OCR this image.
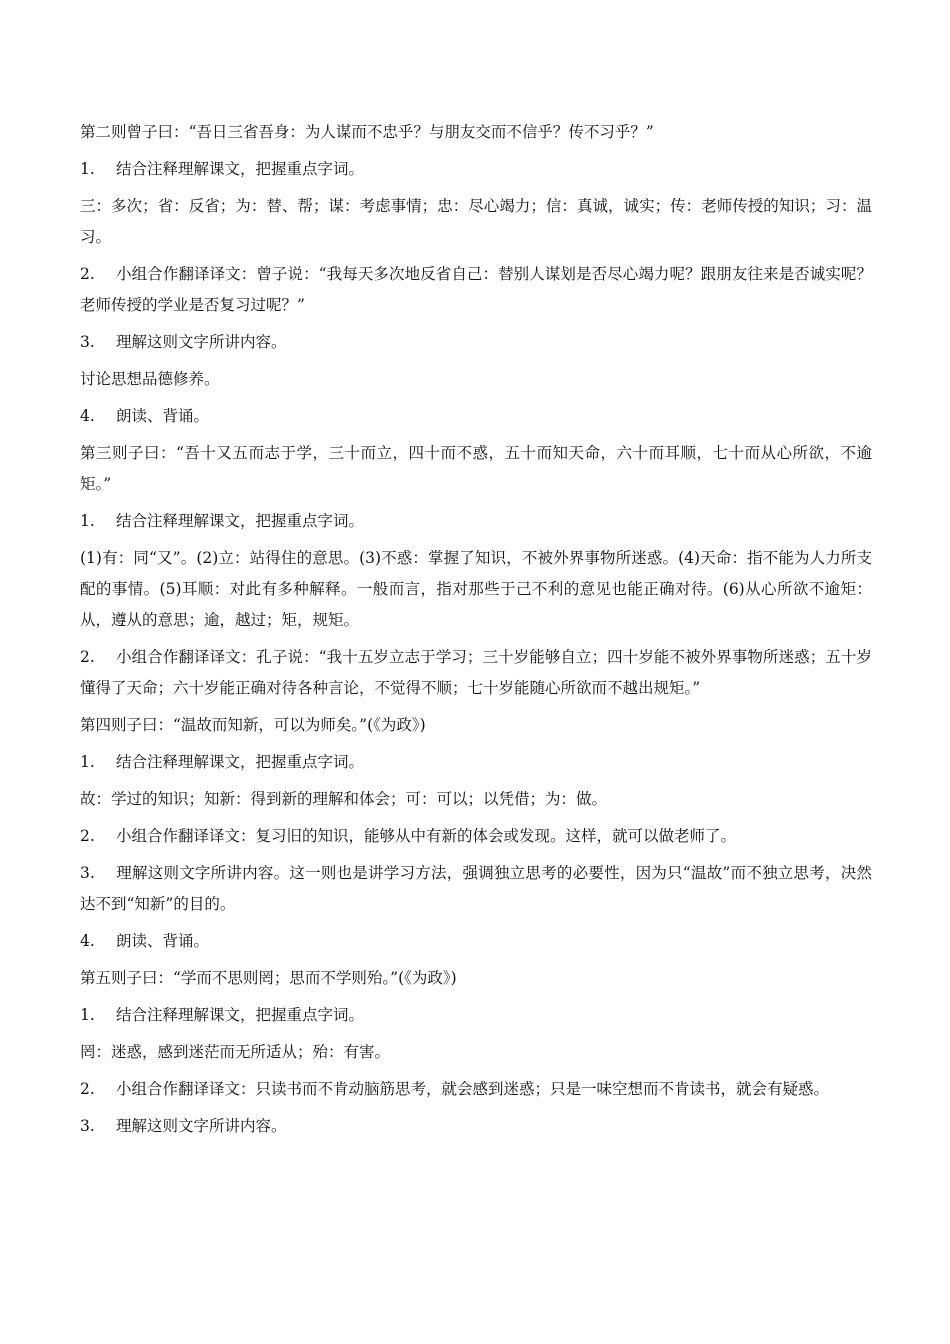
第二则曾子曰：“吾日三省吾身：为人谋而不忠乎？与朋友交而不信乎？传不习乎？”

1. 结合注释理解课文，把握重点字词。

三：多次；省：反省；为：替、帮；谋：考虑事情；忠：尽心竭力；信：真诚，诚实；传：老师传授的知识；习：温习。

2. 小组合作翻译译文：曾子说：“我每天多次地反省自己：替别人谋划是否尽心竭力呢？跟朋友往来是否诚实呢？老师传授的学业是否复习过呢？”

3. 理解这则文字所讲内容。

讨论思想品德修养。

4. 朗读、背诵。

第三则子曰：“吾十又五而志于学，三十而立，四十而不惑，五十而知天命，六十而耳顺，七十而从心所欲，不逾矩。”

1. 结合注释理解课文，把握重点字词。

(1)有：同“又”。(2)立：站得住的意思。(3)不惑：掌握了知识，不被外界事物所迷惑。(4)天命：指不能为人力所支配的事情。(5)耳顺：对此有多种解释。一般而言，指对那些于己不利的意见也能正确对待。(6)从心所欲不逾矩：从，遵从的意思；逾，越过；矩，规矩。

2. 小组合作翻译译文：孔子说：“我十五岁立志于学习；三十岁能够自立；四十岁能不被外界事物所迷惑；五十岁懂得了天命；六十岁能正确对待各种言论，不觉得不顺；七十岁能随心所欲而不越出规矩。”

第四则子曰：“温故而知新，可以为师矣。”(《为政》)

1. 结合注释理解课文，把握重点字词。

故：学过的知识；知新：得到新的理解和体会；可：可以；以凭借；为：做。

2. 小组合作翻译译文：复习旧的知识，能够从中有新的体会或发现。这样，就可以做老师了。

3. 理解这则文字所讲内容。这一则也是讲学习方法，强调独立思考的必要性，因为只“温故”而不独立思考，决然达不到“知新”的目的。

4. 朗读、背诵。

第五则子曰：“学而不思则罔；思而不学则殆。”(《为政》)

1. 结合注释理解课文，把握重点字词。

罔：迷惑，感到迷茫而无所适从；殆：有害。

2. 小组合作翻译译文：只读书而不肯动脑筋思考，就会感到迷惑；只是一味空想而不肯读书，就会有疑惑。

3. 理解这则文字所讲内容。
